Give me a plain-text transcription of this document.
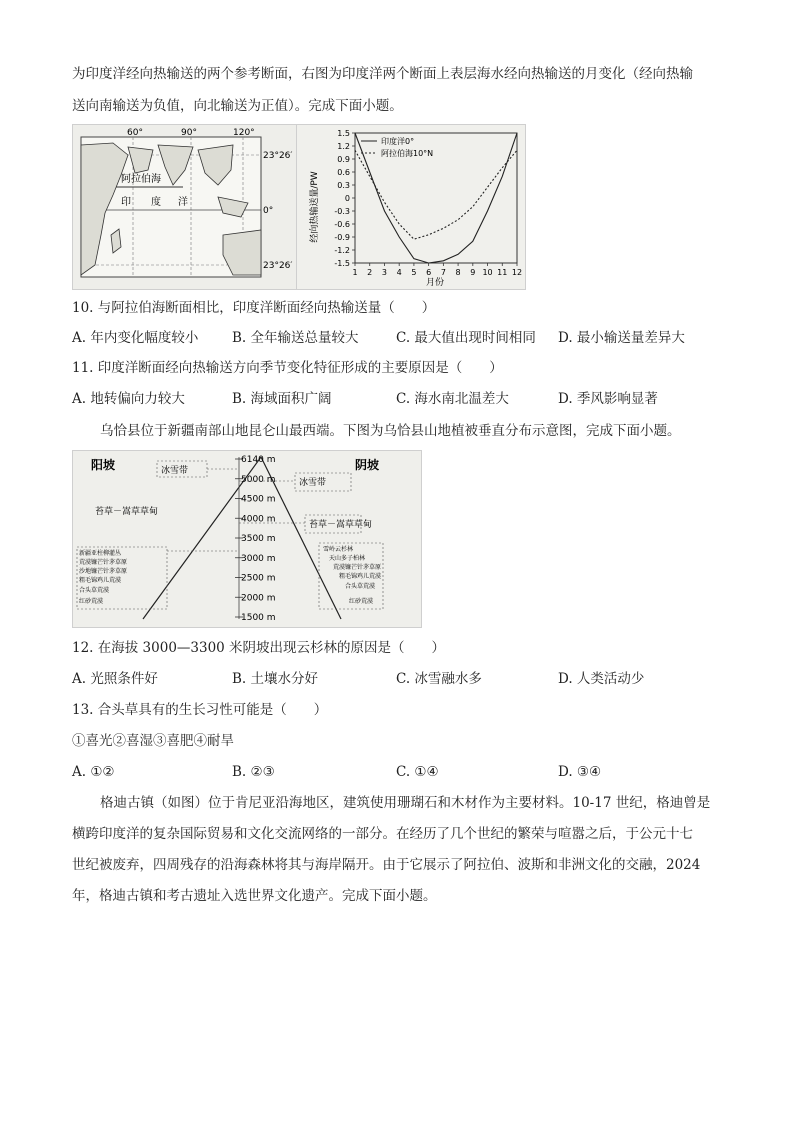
为印度洋经向热输送的两个参考断面，右图为印度洋两个断面上表层海水经向热输送的月变化（经向热输
送向南输送为负值，向北输送为正值）。完成下面小题。
60°	90°	120°
23°26′
0°
23°26′
阿拉伯海
印 度 洋	经向热输送量/PW
月份
1.5
1.2
0.9
0.6
0.3
0
-0.3
-0.6
-0.9
-1.2
-1.5
1 2 3 4 5 6 7 8 9 10 11 12
印度洋0°
阿拉伯海10°N
10. 与阿拉伯海断面相比，印度洋断面经向热输送量（　　）
A. 年内变化幅度较小 B. 全年输送总量较大	C. 最大值出现时间相同 D. 最小输送量差异大
11. 印度洋断面经向热输送方向季节变化特征形成的主要原因是（　　）
A. 地转偏向力较大	B. 海域面积广阔	C. 海水南北温差大	D. 季风影响显著
乌恰县位于新疆南部山地昆仑山最西端。下图为乌恰县山地植被垂直分布示意图，完成下面小题。
6140 m
5000 m
4500 m
4000 m
3500 m
3000 m
2500 m
2000 m
1500 m
阳坡	阴坡
冰雪带
苔草－嵩草草甸
新疆亚柱柳灌丛
荒漠镰芒针茅草原
沙地镰芒针茅草原
粗毛锦鸡儿荒漠
合头草荒漠
红砂荒漠
冰雪带
苔草－嵩草草甸
雪岭云杉林
天山多子柏林
荒漠镰芒针茅草原
粗毛锦鸡儿荒漠
合头草荒漠
红砂荒漠
12. 在海拔 3000—3300 米阴坡出现云杉林的原因是（　　）
A. 光照条件好	B. 土壤水分好	C. 冰雪融水多	D. 人类活动少
13. 合头草具有的生长习性可能是（　　）
①喜光②喜湿③喜肥④耐旱
A. ①②	B. ②③	C. ①④	D. ③④
格迪古镇（如图）位于肯尼亚沿海地区，建筑使用珊瑚石和木材作为主要材料。10-17 世纪，格迪曾是
横跨印度洋的复杂国际贸易和文化交流网络的一部分。在经历了几个世纪的繁荣与喧嚣之后，于公元十七
世纪被废弃，四周残存的沿海森林将其与海岸隔开。由于它展示了阿拉伯、波斯和非洲文化的交融，2024
年，格迪古镇和考古遗址入选世界文化遗产。完成下面小题。
